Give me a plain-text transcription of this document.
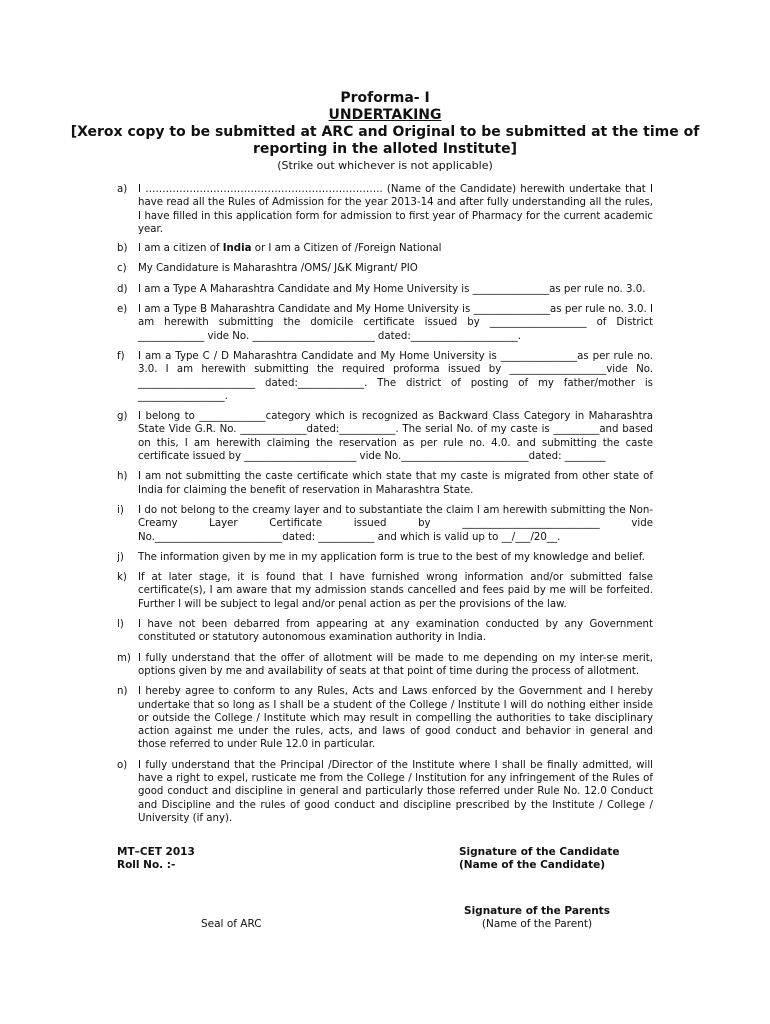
Proforma- I
UNDERTAKING
[Xerox copy to be submitted at ARC and Original to be submitted at the time of
reporting in the alloted Institute]
(Strike out whichever is not applicable)
a) I ……………………………………………………………. (Name of the Candidate) herewith undertake that I have read all the Rules of Admission for the year 2013-14 and after fully understanding all the rules, I have filled in this application form for admission to first year of Pharmacy for the current academic year.
b) I am a citizen of India or I am a Citizen of /Foreign National
c) My Candidature is Maharashtra /OMS/ J&K Migrant/ PIO
d) I am a Type A Maharashtra Candidate and My Home University is _______________as per rule no. 3.0.
e) I am a Type B Maharashtra Candidate and My Home University is _______________as per rule no. 3.0. I am herewith submitting the domicile certificate issued by ___________________ of District _____________ vide No. ________________________ dated:_____________________.
f) I am a Type C / D Maharashtra Candidate and My Home University is _______________as per rule no. 3.0. I am herewith submitting the required proforma issued by ___________________vide No. _______________________ dated:_____________. The district of posting of my father/mother is _________________.
g) I belong to _____________category which is recognized as Backward Class Category in Maharashtra State Vide G.R. No. _____________dated:___________. The serial No. of my caste is _________and based on this, I am herewith claiming the reservation as per rule no. 4.0. and submitting the caste certificate issued by ______________________ vide No._________________________dated: ________
h) I am not submitting the caste certificate which state that my caste is migrated from other state of India for claiming the benefit of reservation in Maharashtra State.
i) I do not belong to the creamy layer and to substantiate the claim I am herewith submitting the Non-Creamy Layer Certificate issued by ___________________________ vide No._________________________dated: ___________ and which is valid up to __/___/20__.
j) The information given by me in my application form is true to the best of my knowledge and belief.
k) If at later stage, it is found that I have furnished wrong information and/or submitted false certificate(s), I am aware that my admission stands cancelled and fees paid by me will be forfeited. Further I will be subject to legal and/or penal action as per the provisions of the law.
l) I have not been debarred from appearing at any examination conducted by any Government constituted or statutory autonomous examination authority in India.
m) I fully understand that the offer of allotment will be made to me depending on my inter-se merit, options given by me and availability of seats at that point of time during the process of allotment.
n) I hereby agree to conform to any Rules, Acts and Laws enforced by the Government and I hereby undertake that so long as I shall be a student of the College / Institute I will do nothing either inside or outside the College / Institute which may result in compelling the authorities to take disciplinary action against me under the rules, acts, and laws of good conduct and behavior in general and those referred to under Rule 12.0 in particular.
o) I fully understand that the Principal /Director of the Institute where I shall be finally admitted, will have a right to expel, rusticate me from the College / Institution for any infringement of the Rules of good conduct and discipline in general and particularly those referred under Rule No. 12.0 Conduct and Discipline and the rules of good conduct and discipline prescribed by the Institute / College / University (if any).
MT–CET 2013
Roll No. :-
Signature of the Candidate
(Name of the Candidate)
Signature of the Parents
(Name of the Parent)
Seal of ARC
